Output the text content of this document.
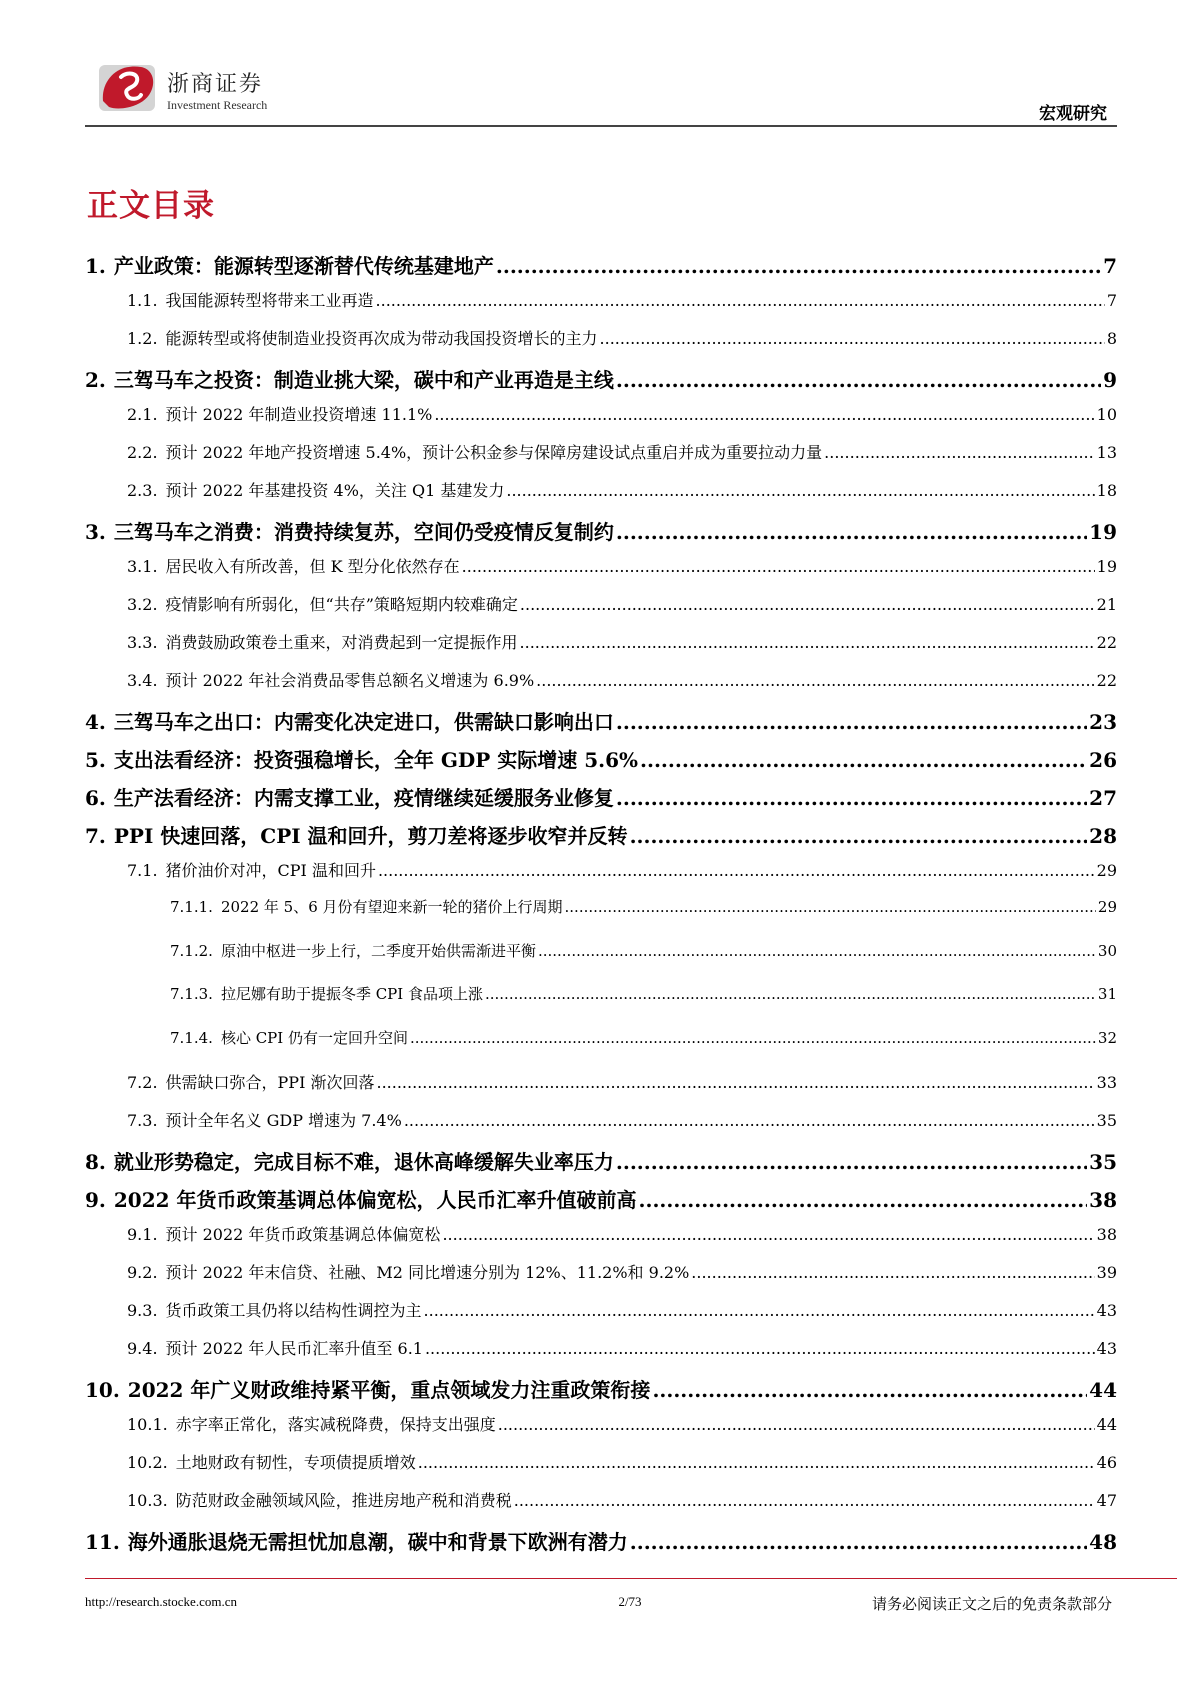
浙商证券
Investment Research	宏观研究
正文目录
1. 产业政策：能源转型逐渐替代传统基建地产 .....	7
1.1. 我国能源转型将带来工业再造 .....	7
1.2. 能源转型或将使制造业投资再次成为带动我国投资增长的主力 .....	8
2. 三驾马车之投资：制造业挑大梁，碳中和产业再造是主线 .....	9
2.1. 预计 2022 年制造业投资增速 11.1% .....	10
2.2. 预计 2022 年地产投资增速 5.4%，预计公积金参与保障房建设试点重启并成为重要拉动力量 .....	13
2.3. 预计 2022 年基建投资 4%，关注 Q1 基建发力 .....	18
3. 三驾马车之消费：消费持续复苏，空间仍受疫情反复制约 .....	19
3.1. 居民收入有所改善，但 K 型分化依然存在 .....	19
3.2. 疫情影响有所弱化，但“共存”策略短期内较难确定 .....	21
3.3. 消费鼓励政策卷土重来，对消费起到一定提振作用 .....	22
3.4. 预计 2022 年社会消费品零售总额名义增速为 6.9% .....	22
4. 三驾马车之出口：内需变化决定进口，供需缺口影响出口 .....	23
5. 支出法看经济：投资强稳增长，全年 GDP 实际增速 5.6% .....	26
6. 生产法看经济：内需支撑工业，疫情继续延缓服务业修复 .....	27
7. PPI 快速回落，CPI 温和回升，剪刀差将逐步收窄并反转 .....	28
7.1. 猪价油价对冲，CPI 温和回升 .....	29
7.1.1. 2022 年 5、6 月份有望迎来新一轮的猪价上行周期 .....	29
7.1.2. 原油中枢进一步上行，二季度开始供需渐进平衡 .....	30
7.1.3. 拉尼娜有助于提振冬季 CPI 食品项上涨 .....	31
7.1.4. 核心 CPI 仍有一定回升空间 .....	32
7.2. 供需缺口弥合，PPI 渐次回落 .....	33
7.3. 预计全年名义 GDP 增速为 7.4% .....	35
8. 就业形势稳定，完成目标不难，退休高峰缓解失业率压力 .....	35
9. 2022 年货币政策基调总体偏宽松，人民币汇率升值破前高 .....	38
9.1. 预计 2022 年货币政策基调总体偏宽松 .....	38
9.2. 预计 2022 年末信贷、社融、M2 同比增速分别为 12%、11.2%和 9.2% .....	39
9.3. 货币政策工具仍将以结构性调控为主 .....	43
9.4. 预计 2022 年人民币汇率升值至 6.1 .....	43
10. 2022 年广义财政维持紧平衡，重点领域发力注重政策衔接 .....	44
10.1. 赤字率正常化，落实减税降费，保持支出强度 .....	44
10.2. 土地财政有韧性，专项债提质增效 .....	46
10.3. 防范财政金融领域风险，推进房地产税和消费税 .....	47
11. 海外通胀退烧无需担忧加息潮，碳中和背景下欧洲有潜力 .....	48
http://research.stocke.com.cn	2/73	请务必阅读正文之后的免责条款部分
